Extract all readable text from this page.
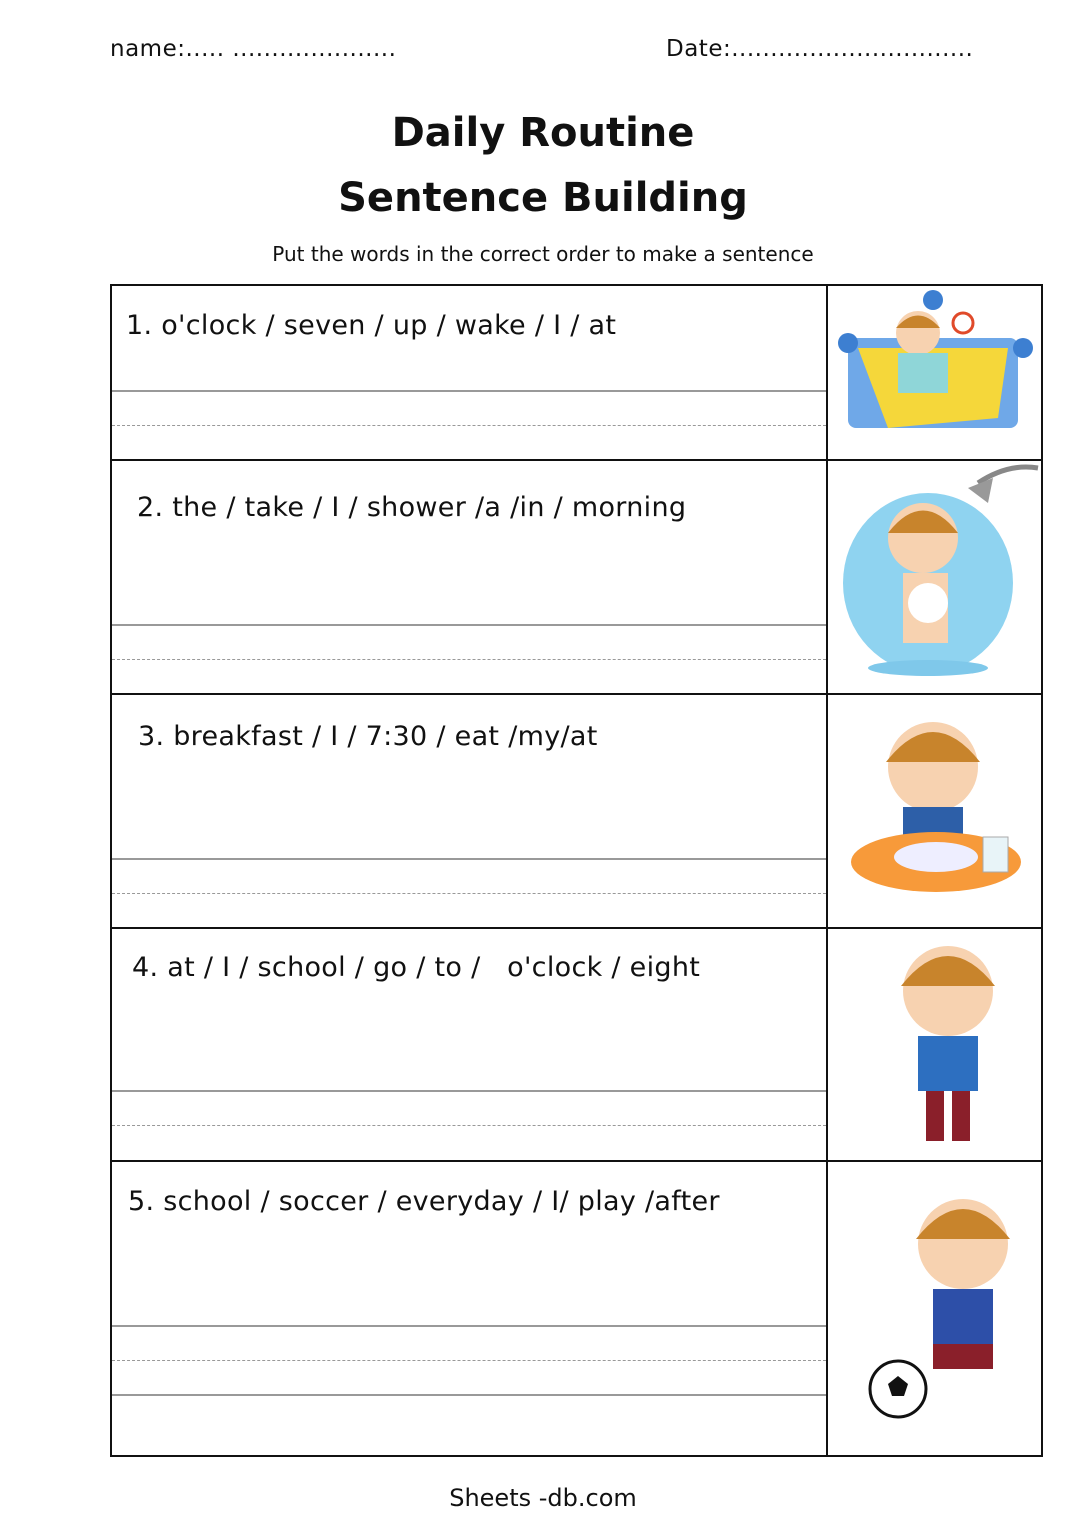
name:..... .....................	Date:...............................
Daily Routine
Sentence Building
Put the words in the correct order to make a sentence
1. o'clock / seven / up / wake / I / at
2. the / take / I / shower /a /in / morning
3. breakfast / I / 7:30 / eat /my/at
4. at / I / school / go / to /   o'clock / eight
5. school / soccer / everyday / I/ play /after
Sheets -db.com
